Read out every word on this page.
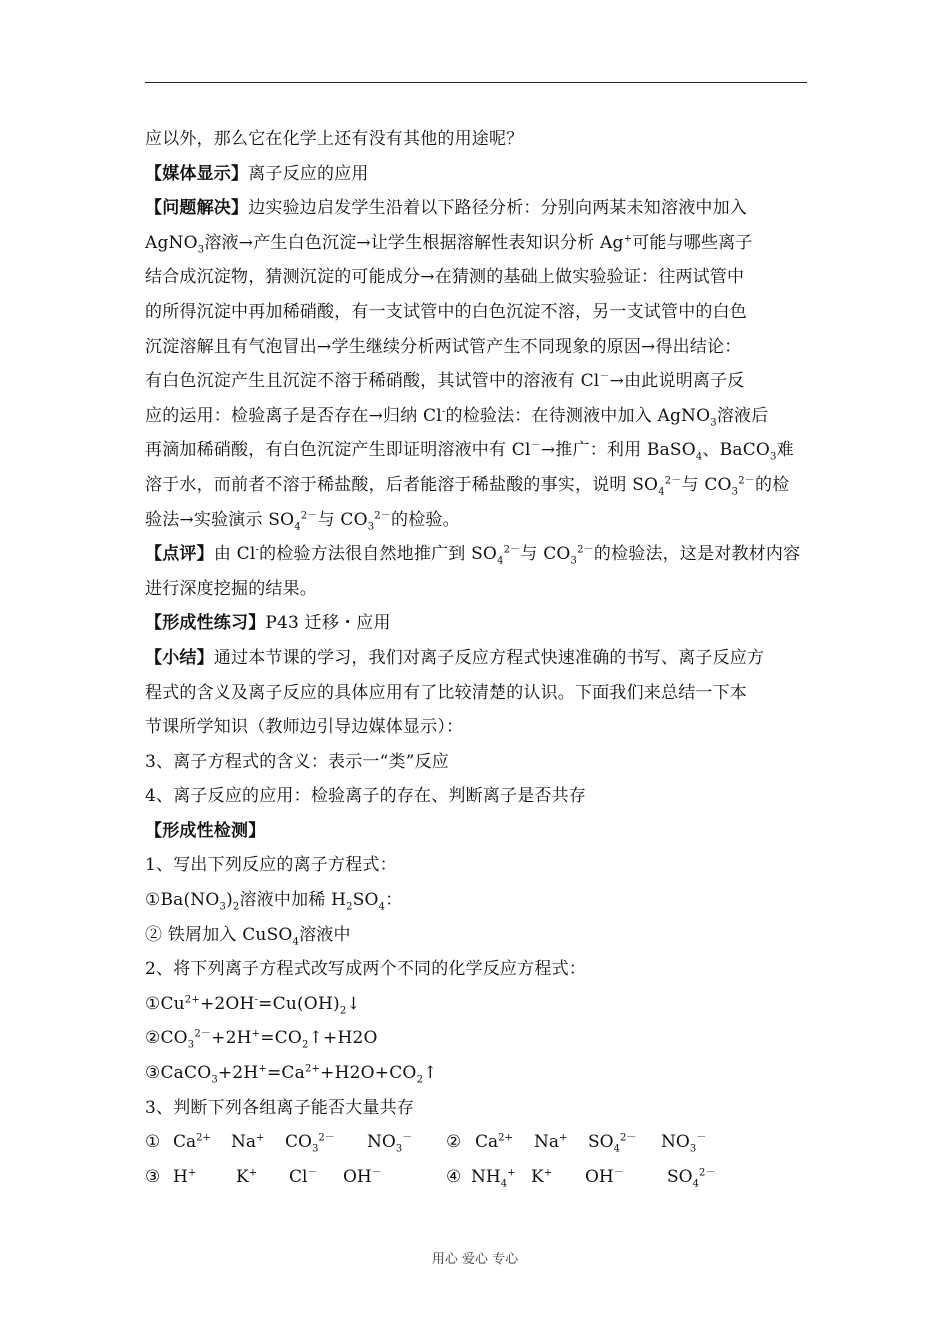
应以外，那么它在化学上还有没有其他的用途呢？
【媒体显示】离子反应的应用
【问题解决】边实验边启发学生沿着以下路径分析：分别向两某未知溶液中加入
AgNO$_3$溶液→产生白色沉淀→让学生根据溶解性表知识分析 Ag+可能与哪些离子
结合成沉淀物，猜测沉淀的可能成分→在猜测的基础上做实验验证：往两试管中
的所得沉淀中再加稀硝酸，有一支试管中的白色沉淀不溶，另一支试管中的白色
沉淀溶解且有气泡冒出→学生继续分析两试管产生不同现象的原因→得出结论：
有白色沉淀产生且沉淀不溶于稀硝酸，其试管中的溶液有 Cl－→由此说明离子反
应的运用：检验离子是否存在→归纳 Cl-的检验法：在待测液中加入 AgNO$_3$溶液后
再滴加稀硝酸，有白色沉淀产生即证明溶液中有 Cl－→推广：利用 BaSO$_4$、BaCO$_3$难
溶于水，而前者不溶于稀盐酸，后者能溶于稀盐酸的事实，说明 $SO_4^{2-}$与 $CO_3^{2-}$的检
验法→实验演示 $SO_4^{2-}$与 $CO_3^{2-}$的检验。
【点评】由 Cl-的检验方法很自然地推广到 $SO_4^{2-}$与 $CO_3^{2-}$的检验法，这是对教材内容
进行深度挖掘的结果。
【形成性练习】P43 迁移・应用
【小结】通过本节课的学习，我们对离子反应方程式快速准确的书写、离子反应方
程式的含义及离子反应的具体应用有了比较清楚的认识。下面我们来总结一下本
节课所学知识（教师边引导边媒体显示）：
3、离子方程式的含义：表示一“类”反应
4、离子反应的应用：检验离子的存在、判断离子是否共存
【形成性检测】
1、写出下列反应的离子方程式：
$①Ba(NO_3)_2$溶液中加稀 $H_2SO_4$：
② 铁屑加入 CuSO$_4$溶液中
2、将下列离子方程式改写成两个不同的化学反应方程式：
$①Cu^{2+}+2OH^-=Cu(OH)_2↓$
$②CO_3^{2-}+2H^+=CO_2↑+H2O$
$③CaCO_3+2H^+=Ca^{2+}+H2O+CO_2↑$
3、判断下列各组离子能否大量共存
① $Ca^{2+}$ Na+ $CO_3^{2-}$ $NO_3^-$ ② $Ca^{2+}$ Na+ $SO_4^{2-}$ $NO_3^-$
③ H+ K+ Cl－ OH－	④ $NH_4^+$ K+ OH－	$SO_4^{2-}$
用心 爱心 专心
